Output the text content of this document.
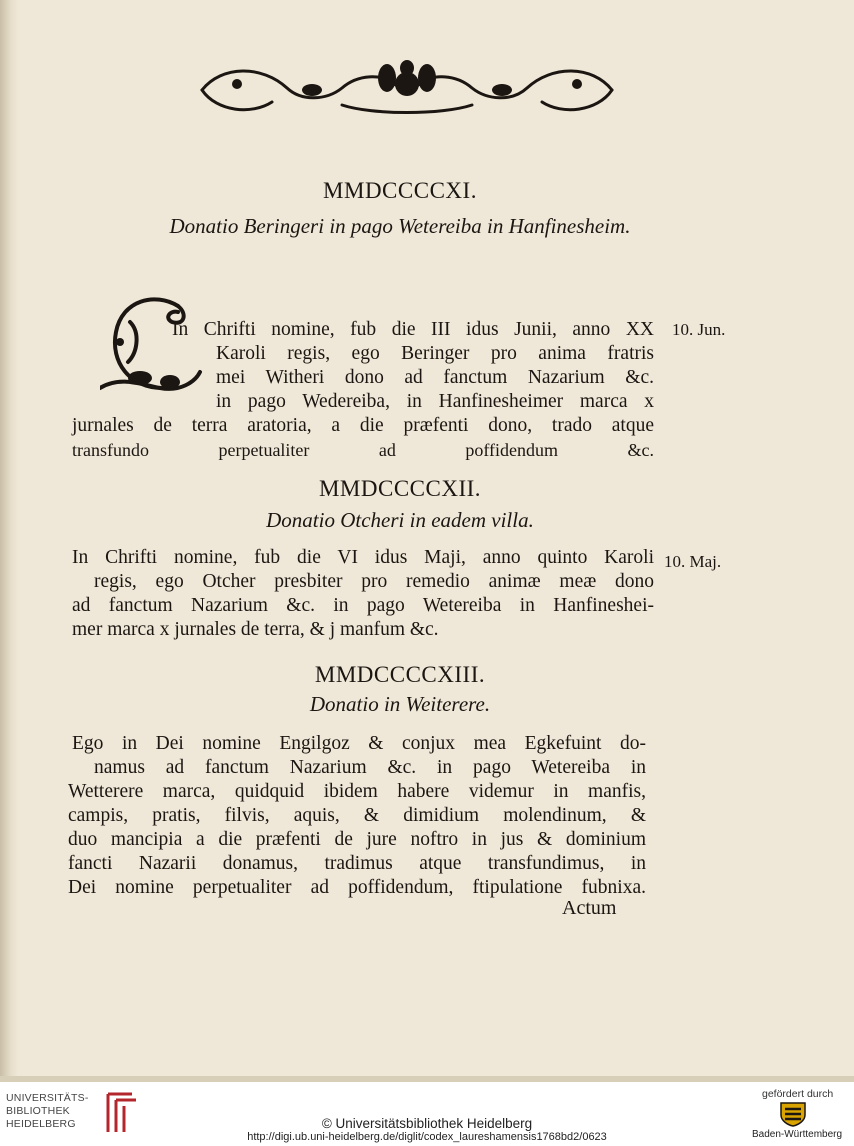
MMDCCCCXI.
Donatio Beringeri in pago Wetereiba in Hanfinesheim.
In Chrifti nomine, fub die III idus Junii, anno XX
Karoli regis, ego Beringer pro anima fratris
mei Witheri dono ad fanctum Nazarium &c.
in pago Wedereiba, in Hanfinesheimer marca x
jurnales de terra aratoria, a die præfenti dono, trado atque
transfundo perpetualiter ad poffidendum &c.
10. Jun.
MMDCCCCXII.
Donatio Otcheri in eadem villa.
In Chrifti nomine, fub die VI idus Maji, anno quinto Karoli
regis, ego Otcher presbiter pro remedio animæ meæ dono
ad fanctum Nazarium &c. in pago Wetereiba in Hanfineshei-
mer marca x jurnales de terra, & j manfum &c.
10. Maj.
MMDCCCCXIII.
Donatio in Weiterere.
Ego in Dei nomine Engilgoz & conjux mea Egkefuint do-
namus ad fanctum Nazarium &c. in pago Wetereiba in
Wetterere marca, quidquid ibidem habere videmur in manfis,
campis, pratis, filvis, aquis, & dimidium molendinum, &
duo mancipia a die præfenti de jure noftro in jus & dominium
fancti Nazarii donamus, tradimus atque transfundimus, in
Dei nomine perpetualiter ad poffidendum, ftipulatione fubnixa.
Actum
UNIVERSITÄTS-
BIBLIOTHEK
HEIDELBERG	© Universitätsbibliothek Heidelberg
http://digi.ub.uni-heidelberg.de/diglit/codex_laureshamensis1768bd2/0623
gefördert durch
Baden-Württemberg
